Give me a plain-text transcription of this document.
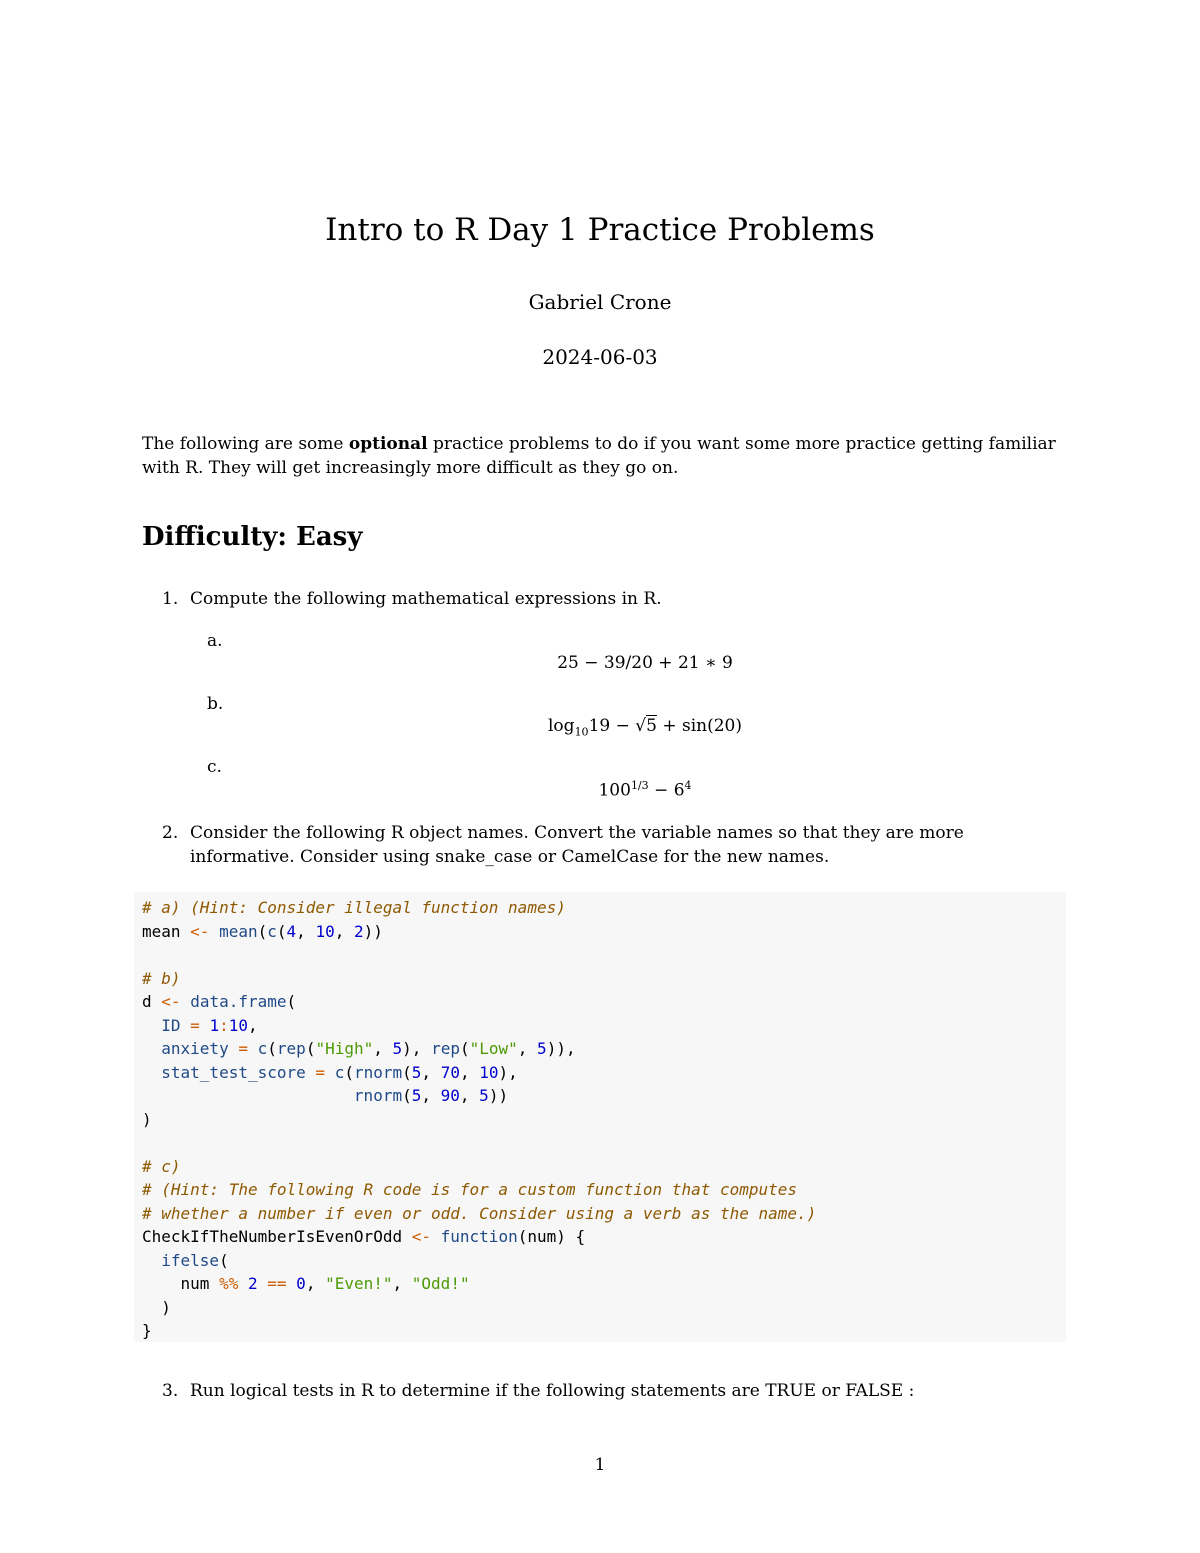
Intro to R Day 1 Practice Problems
Gabriel Crone
2024-06-03
The following are some optional practice problems to do if you want some more practice getting familiar with R. They will get increasingly more difficult as they go on.
Difficulty: Easy
1. Compute the following mathematical expressions in R.
a.
25 − 39/20 + 21 ∗ 9
b.
$\log_{10}19 - √5 + \sin(20)$
c.
$100^{1/3} - 6^4$
2. Consider the following R object names. Convert the variable names so that they are more informative. Consider using snake_case or CamelCase for the new names.
# a) (Hint: Consider illegal function names)
mean <- mean(c(4, 10, 2))

# b)
d <- data.frame(
ID = 1:10,
anxiety = c(rep("High", 5), rep("Low", 5)),
stat_test_score = c(rnorm(5, 70, 10),
rnorm(5, 90, 5))
)

# c)
# (Hint: The following R code is for a custom function that computes
# whether a number if even or odd. Consider using a verb as the name.)
CheckIfTheNumberIsEvenOrOdd <- function(num) {
ifelse(
num %% 2 == 0, "Even!", "Odd!"
)
}
3. Run logical tests in R to determine if the following statements are TRUE or FALSE :
1
